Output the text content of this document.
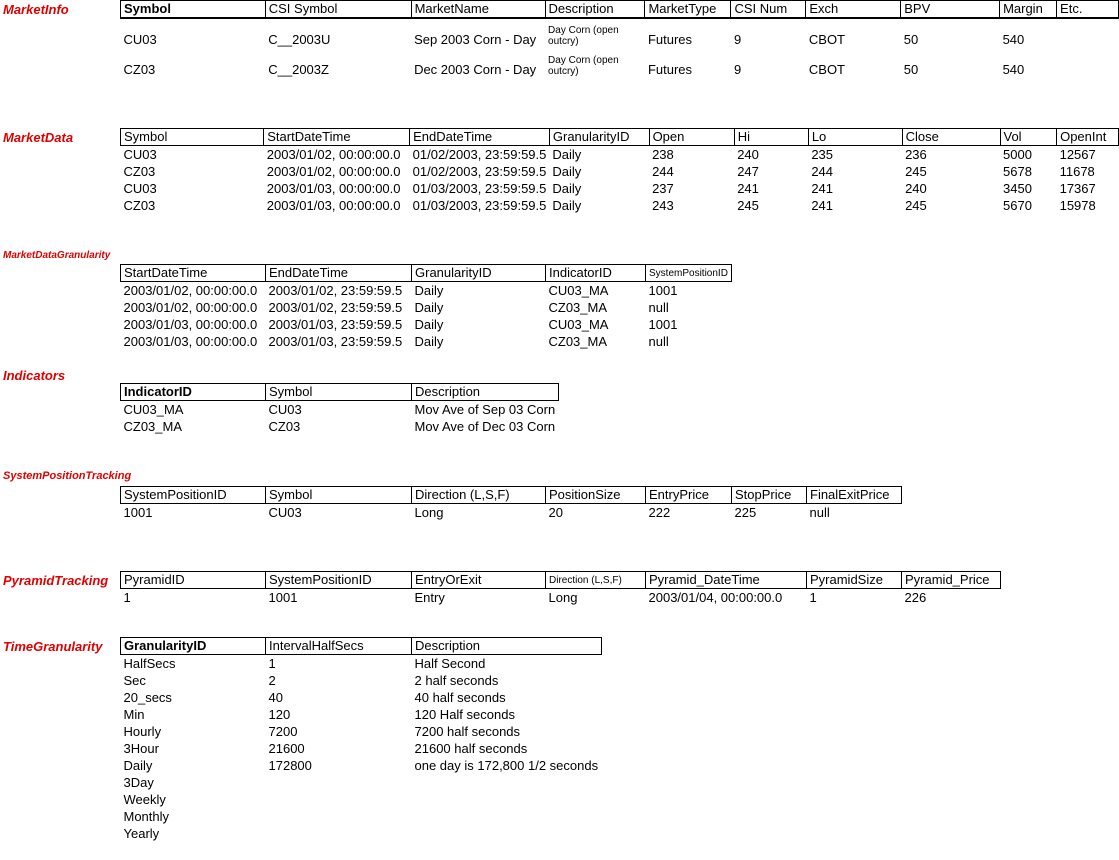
MarketInfo	Symbol	CSI Symbol	MarketName	Description	MarketType	CSI Num	Exch	BPV	Margin	Etc.
CU03	C__2003U	Sep 2003 Corn - Day	Day Corn (open outcry)	Futures	9	CBOT	50	540	
CZ03	C__2003Z	Dec 2003 Corn - Day	Day Corn (open outcry)	Futures	9	CBOT	50	540	
MarketData	Symbol	StartDateTime	EndDateTime	GranularityID	Open	Hi	Lo	Close	Vol	OpenInt
CU03	2003/01/02, 00:00:00.0	01/02/2003, 23:59:59.5	Daily	238	240	235	236	5000	12567
CZ03	2003/01/02, 00:00:00.0	01/02/2003, 23:59:59.5	Daily	244	247	244	245	5678	11678
CU03	2003/01/03, 00:00:00.0	01/03/2003, 23:59:59.5	Daily	237	241	241	240	3450	17367
CZ03	2003/01/03, 00:00:00.0	01/03/2003, 23:59:59.5	Daily	243	245	241	245	5670	15978
MarketDataGranularity
StartDateTime	EndDateTime	GranularityID	IndicatorID	SystemPositionID
2003/01/02, 00:00:00.0	2003/01/02, 23:59:59.5	Daily	CU03_MA	1001
2003/01/02, 00:00:00.0	2003/01/02, 23:59:59.5	Daily	CZ03_MA	null
2003/01/03, 00:00:00.0	2003/01/03, 23:59:59.5	Daily	CU03_MA	1001
2003/01/03, 00:00:00.0	2003/01/03, 23:59:59.5	Daily	CZ03_MA	null
Indicators
IndicatorID	Symbol	Description
CU03_MA	CU03	Mov Ave of Sep 03 Corn
CZ03_MA	CZ03	Mov Ave of Dec 03 Corn
SystemPositionTracking
SystemPositionID	Symbol	Direction (L,S,F)	PositionSize	EntryPrice	StopPrice	FinalExitPrice
1001	CU03	Long	20	222	225	null
PyramidTracking PyramidID	SystemPositionID	EntryOrExit	Direction (L,S,F)	Pyramid_DateTime	PyramidSize	Pyramid_Price
1	1001	Entry	Long	2003/01/04, 00:00:00.0	1	226
TimeGranularity GranularityID	IntervalHalfSecs	Description
HalfSecs	1	Half Second
Sec	2	2 half seconds
20_secs	40	40 half seconds
Min	120	120 Half seconds
Hourly	7200	7200 half seconds
3Hour	21600	21600 half seconds
Daily	172800	one day is 172,800 1/2 seconds
3Day		
Weekly		
Monthly		
Yearly		
